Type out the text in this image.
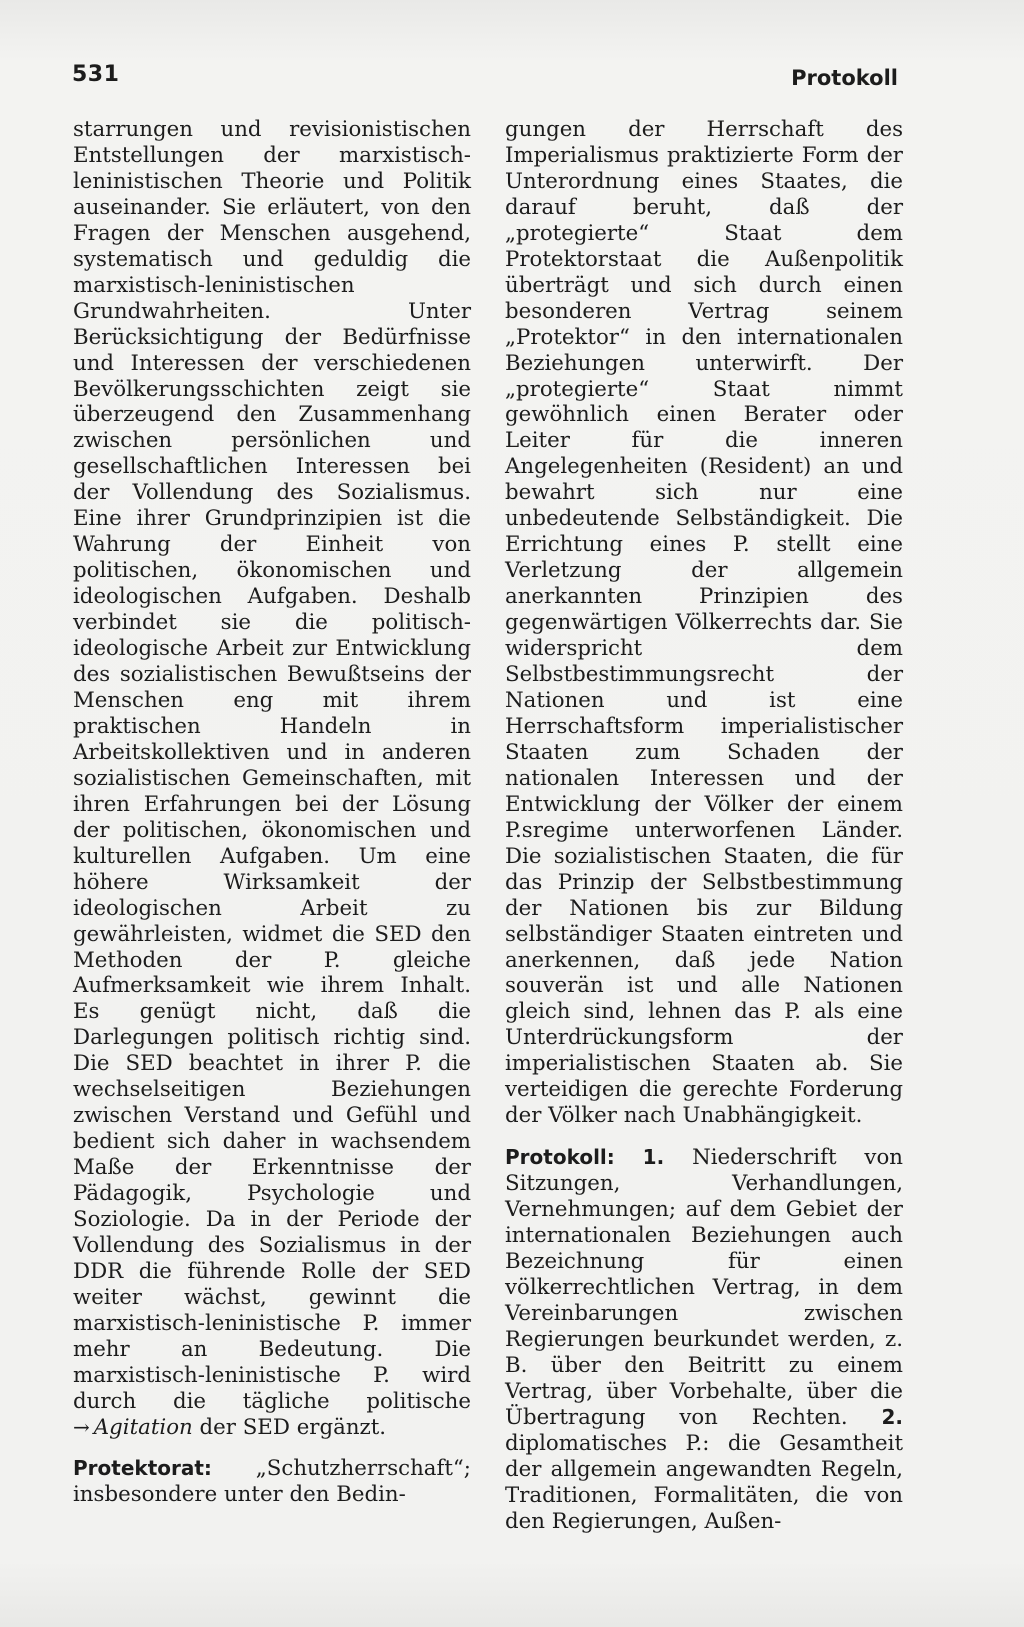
531	Protokoll

starrungen und revisionistischen Entstellungen der marxistisch-leninistischen Theorie und Politik auseinander. Sie erläutert, von den Fragen der Menschen ausgehend, systematisch und geduldig die marxistisch-leninistischen Grundwahrheiten. Unter Berücksichtigung der Bedürfnisse und Interessen der verschiedenen Bevölkerungsschichten zeigt sie überzeugend den Zusammenhang zwischen persönlichen und gesellschaftlichen Interessen bei der Vollendung des Sozialismus. Eine ihrer Grundprinzipien ist die Wahrung der Einheit von politischen, ökonomischen und ideologischen Aufgaben. Deshalb verbindet sie die politisch-ideologische Arbeit zur Entwicklung des sozialistischen Bewußtseins der Menschen eng mit ihrem praktischen Handeln in Arbeitskollektiven und in anderen sozialistischen Gemeinschaften, mit ihren Erfahrungen bei der Lösung der politischen, ökonomischen und kulturellen Aufgaben. Um eine höhere Wirksamkeit der ideologischen Arbeit zu gewährleisten, widmet die SED den Methoden der P. gleiche Aufmerksamkeit wie ihrem Inhalt. Es genügt nicht, daß die Darlegungen politisch richtig sind. Die SED beachtet in ihrer P. die wechselseitigen Beziehungen zwischen Verstand und Gefühl und bedient sich daher in wachsendem Maße der Erkenntnisse der Pädagogik, Psychologie und Soziologie. Da in der Periode der Vollendung des Sozialismus in der DDR die führende Rolle der SED weiter wächst, gewinnt die marxistisch-leninistische P. immer mehr an Bedeutung. Die marxistisch-leninistische P. wird durch die tägliche politische → Agitation der SED ergänzt.

Protektorat: „Schutzherrschaft“; insbesondere unter den Bedin-

gungen der Herrschaft des Imperialismus praktizierte Form der Unterordnung eines Staates, die darauf beruht, daß der „protegierte“ Staat dem Protektorstaat die Außenpolitik überträgt und sich durch einen besonderen Vertrag seinem „Protektor“ in den internationalen Beziehungen unterwirft. Der „protegierte“ Staat nimmt gewöhnlich einen Berater oder Leiter für die inneren Angelegenheiten (Resident) an und bewahrt sich nur eine unbedeutende Selbständigkeit. Die Errichtung eines P. stellt eine Verletzung der allgemein anerkannten Prinzipien des gegenwärtigen Völkerrechts dar. Sie widerspricht dem Selbstbestimmungsrecht der Nationen und ist eine Herrschaftsform imperialistischer Staaten zum Schaden der nationalen Interessen und der Entwicklung der Völker der einem P.sregime unterworfenen Länder. Die sozialistischen Staaten, die für das Prinzip der Selbstbestimmung der Nationen bis zur Bildung selbständiger Staaten eintreten und anerkennen, daß jede Nation souverän ist und alle Nationen gleich sind, lehnen das P. als eine Unterdrückungsform der imperialistischen Staaten ab. Sie verteidigen die gerechte Forderung der Völker nach Unabhängigkeit.

Protokoll: 1. Niederschrift von Sitzungen, Verhandlungen, Vernehmungen; auf dem Gebiet der internationalen Beziehungen auch Bezeichnung für einen völkerrechtlichen Vertrag, in dem Vereinbarungen zwischen Regierungen beurkundet werden, z. B. über den Beitritt zu einem Vertrag, über Vorbehalte, über die Übertragung von Rechten. 2. diplomatisches P.: die Gesamtheit der allgemein angewandten Regeln, Traditionen, Formalitäten, die von den Regierungen, Außen-
